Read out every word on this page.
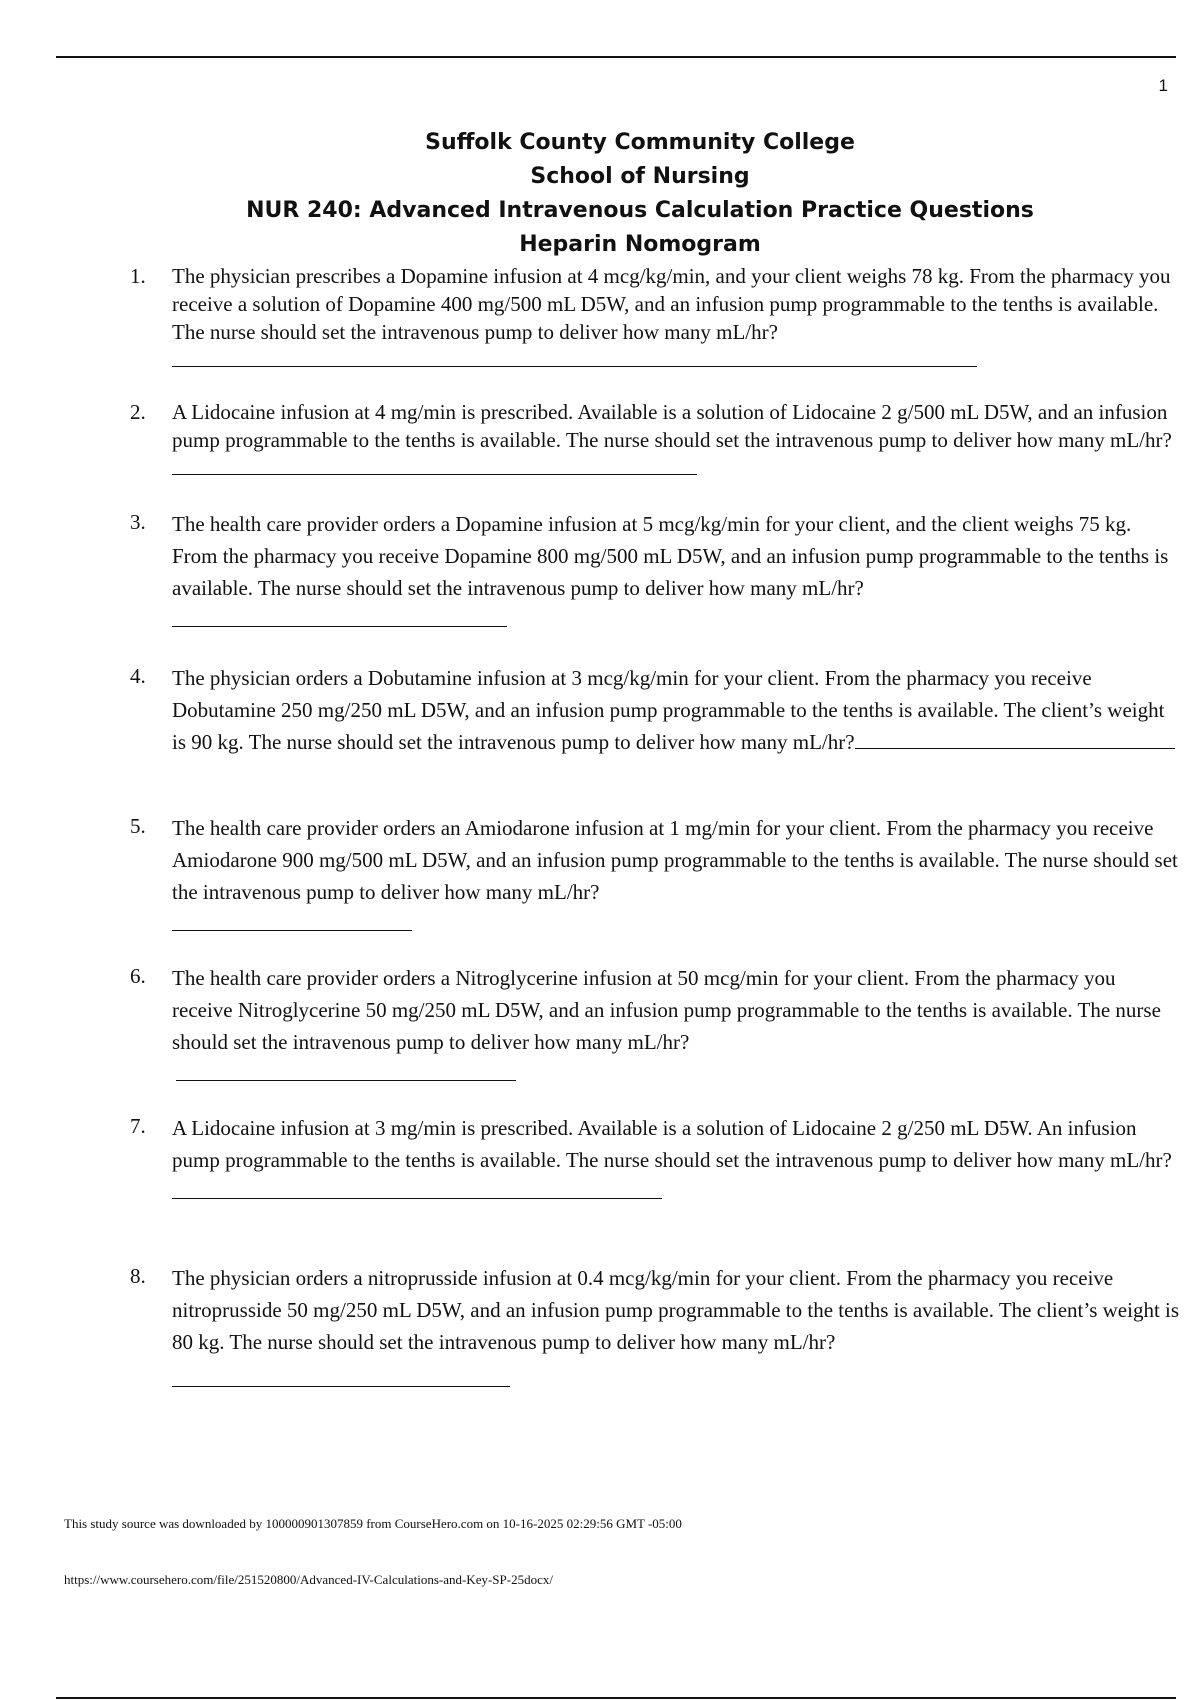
1
Suffolk County Community College
School of Nursing
NUR 240: Advanced Intravenous Calculation Practice Questions
Heparin Nomogram
1. The physician prescribes a Dopamine infusion at 4 mcg/kg/min, and your client weighs 78 kg. From the pharmacy you receive a solution of Dopamine 400 mg/500 mL D5W, and an infusion pump programmable to the tenths is available. The nurse should set the intravenous pump to deliver how many mL/hr?
2. A Lidocaine infusion at 4 mg/min is prescribed. Available is a solution of Lidocaine 2 g/500 mL D5W, and an infusion pump programmable to the tenths is available. The nurse should set the intravenous pump to deliver how many mL/hr?
3. The health care provider orders a Dopamine infusion at 5 mcg/kg/min for your client, and the client weighs 75 kg. From the pharmacy you receive Dopamine 800 mg/500 mL D5W, and an infusion pump programmable to the tenths is available. The nurse should set the intravenous pump to deliver how many mL/hr?
4. The physician orders a Dobutamine infusion at 3 mcg/kg/min for your client. From the pharmacy you receive Dobutamine 250 mg/250 mL D5W, and an infusion pump programmable to the tenths is available. The client’s weight is 90 kg. The nurse should set the intravenous pump to deliver how many mL/hr?
5. The health care provider orders an Amiodarone infusion at 1 mg/min for your client. From the pharmacy you receive Amiodarone 900 mg/500 mL D5W, and an infusion pump programmable to the tenths is available. The nurse should set the intravenous pump to deliver how many mL/hr?
6. The health care provider orders a Nitroglycerine infusion at 50 mcg/min for your client. From the pharmacy you receive Nitroglycerine 50 mg/250 mL D5W, and an infusion pump programmable to the tenths is available. The nurse should set the intravenous pump to deliver how many mL/hr?
7. A Lidocaine infusion at 3 mg/min is prescribed. Available is a solution of Lidocaine 2 g/250 mL D5W. An infusion pump programmable to the tenths is available. The nurse should set the intravenous pump to deliver how many mL/hr?
8. The physician orders a nitroprusside infusion at 0.4 mcg/kg/min for your client. From the pharmacy you receive nitroprusside 50 mg/250 mL D5W, and an infusion pump programmable to the tenths is available. The client’s weight is 80 kg. The nurse should set the intravenous pump to deliver how many mL/hr?
This study source was downloaded by 100000901307859 from CourseHero.com on 10-16-2025 02:29:56 GMT -05:00
https://www.coursehero.com/file/251520800/Advanced-IV-Calculations-and-Key-SP-25docx/
